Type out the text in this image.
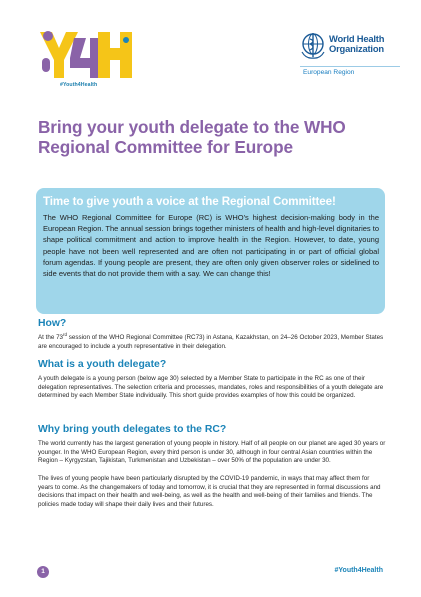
#Youth4Health
World Health
Organization
European Region
Bring your youth delegate to the WHO Regional Committee for Europe
Time to give youth a voice at the Regional Committee!

The WHO Regional Committee for Europe (RC) is WHO's highest decision-making body in the European Region. The annual session brings together ministers of health and high-level dignitaries to shape political commitment and action to improve health in the Region. However, to date, young people have not been well represented and are often not participating in or part of official global forum agendas. If young people are present, they are often only given observer roles or sidelined to side events that do not provide them with a say. We can change this!

How?

At the 73rd session of the WHO Regional Committee (RC73) in Astana, Kazakhstan, on 24–26 October 2023, Member States are encouraged to include a youth representative in their delegation.

What is a youth delegate?

A youth delegate is a young person (below age 30) selected by a Member State to participate in the RC as one of their delegation representatives. The selection criteria and processes, mandates, roles and responsibilities of a youth delegate are determined by each Member State individually. This short guide provides examples of how this could be organized.

Why bring youth delegates to the RC?

The world currently has the largest generation of young people in history. Half of all people on our planet are aged 30 years or younger. In the WHO European Region, every third person is under 30, although in four central Asian countries within the Region – Kyrgyzstan, Tajikistan, Turkmenistan and Uzbekistan – over 50% of the population are under 30.

The lives of young people have been particularly disrupted by the COVID-19 pandemic, in ways that may affect them for years to come. As the changemakers of today and tomorrow, it is crucial that they are represented in formal discussions and decisions that impact on their health and well-being, as well as the health and well-being of their families and friends. The policies made today will shape their daily lives and their futures.

1	#Youth4Health
